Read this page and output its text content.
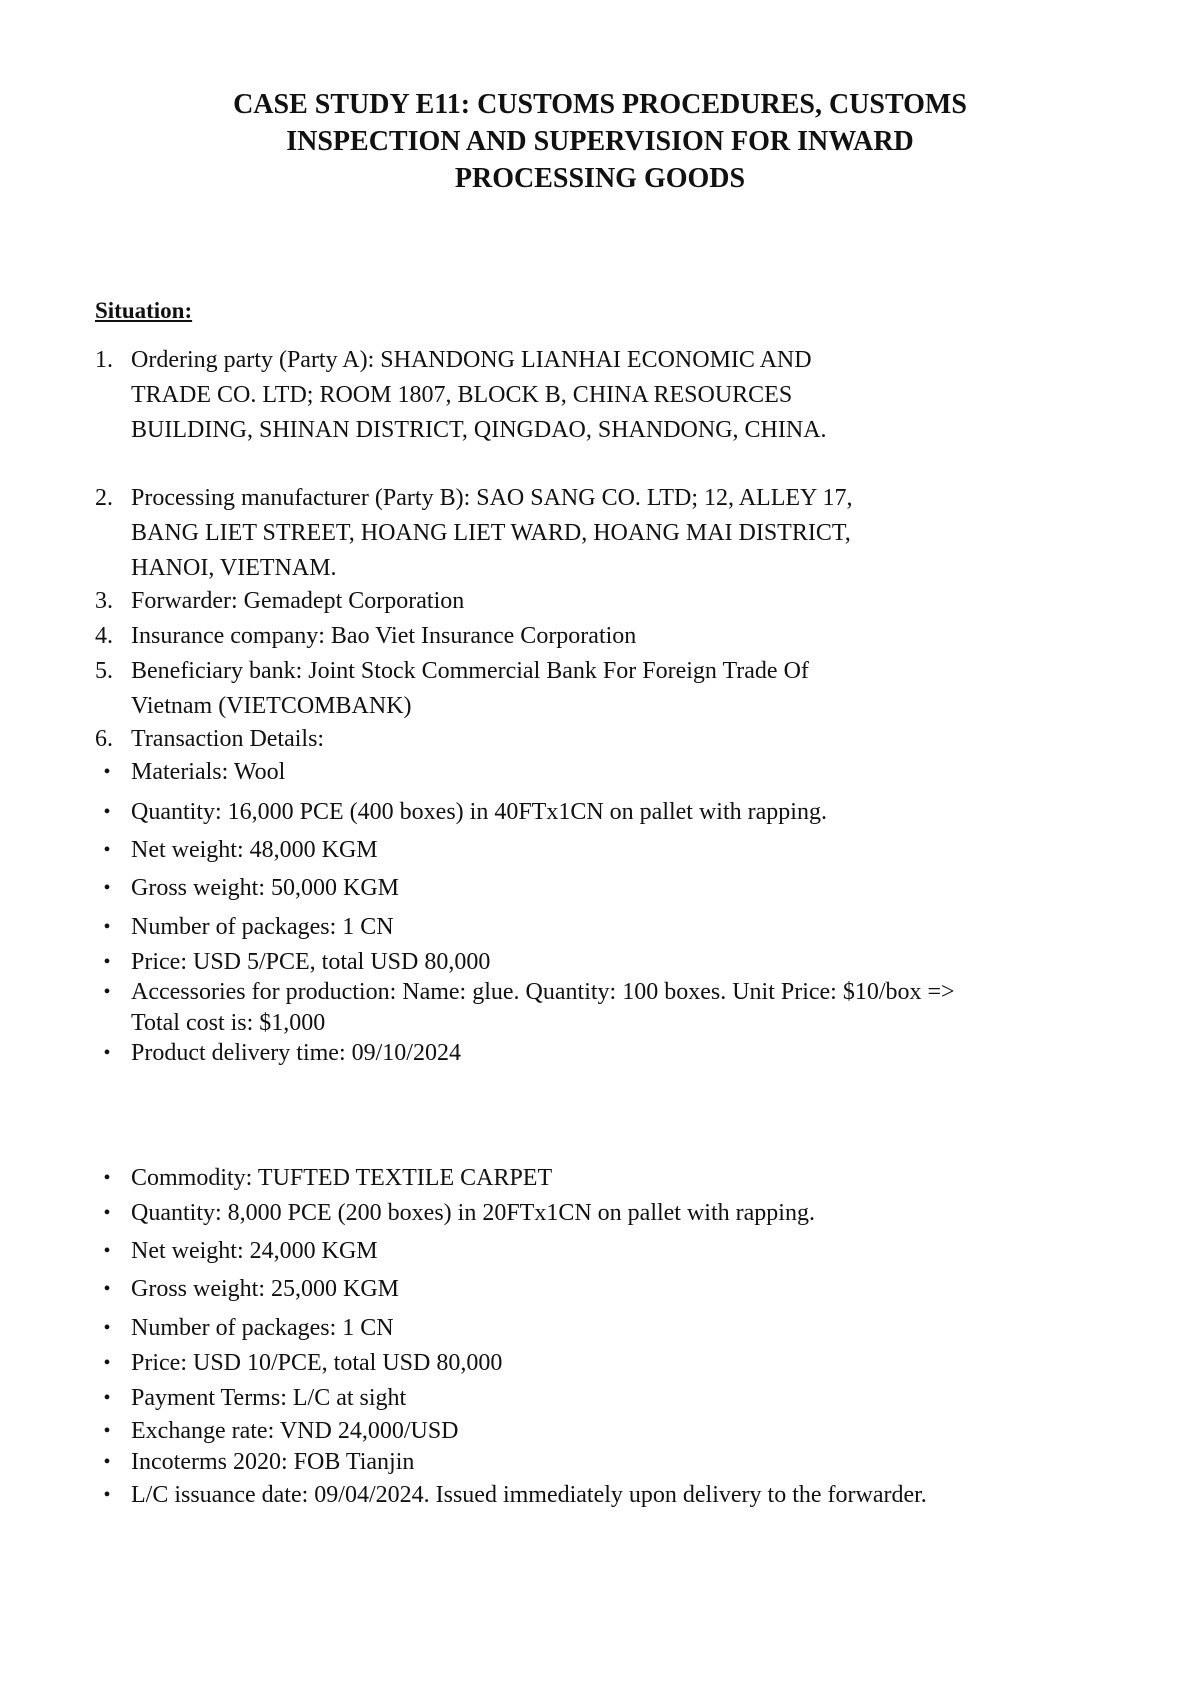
CASE STUDY E11: CUSTOMS PROCEDURES, CUSTOMS
INSPECTION AND SUPERVISION FOR INWARD
PROCESSING GOODS
Situation:
1. Ordering party (Party A): SHANDONG LIANHAI ECONOMIC AND
TRADE CO. LTD; ROOM 1807, BLOCK B, CHINA RESOURCES
BUILDING, SHINAN DISTRICT, QINGDAO, SHANDONG, CHINA.
2. Processing manufacturer (Party B): SAO SANG CO. LTD; 12, ALLEY 17,
BANG LIET STREET, HOANG LIET WARD, HOANG MAI DISTRICT,
HANOI, VIETNAM.
3. Forwarder: Gemadept Corporation
4. Insurance company: Bao Viet Insurance Corporation
5. Beneficiary bank: Joint Stock Commercial Bank For Foreign Trade Of
Vietnam (VIETCOMBANK)
6. Transaction Details:
• Materials: Wool
• Quantity: 16,000 PCE (400 boxes) in 40FTx1CN on pallet with rapping.
• Net weight: 48,000 KGM
• Gross weight: 50,000 KGM
• Number of packages: 1 CN
• Price: USD 5/PCE, total USD 80,000
• Accessories for production: Name: glue. Quantity: 100 boxes. Unit Price: $10/box =>
Total cost is: $1,000
• Product delivery time: 09/10/2024
• Commodity: TUFTED TEXTILE CARPET
• Quantity: 8,000 PCE (200 boxes) in 20FTx1CN on pallet with rapping.
• Net weight: 24,000 KGM
• Gross weight: 25,000 KGM
• Number of packages: 1 CN
• Price: USD 10/PCE, total USD 80,000
• Payment Terms: L/C at sight
• Exchange rate: VND 24,000/USD
• Incoterms 2020: FOB Tianjin
• L/C issuance date: 09/04/2024. Issued immediately upon delivery to the forwarder.
